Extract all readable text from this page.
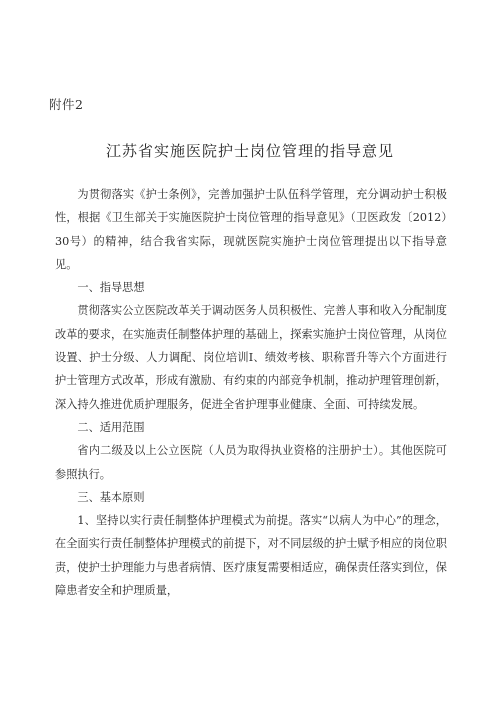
附件2
江苏省实施医院护士岗位管理的指导意见

为贯彻落实《护士条例》，完善加强护士队伍科学管理，充分调动护士积极性，根据《卫生部关于实施医院护士岗位管理的指导意见》（卫医政发〔2012）30号）的精神，结合我省实际，现就医院实施护士岗位管理提出以下指导意见。

一、指导思想

贯彻落实公立医院改革关于调动医务人员积极性、完善人事和收入分配制度改革的要求，在实施责任制整体护理的基础上，探索实施护士岗位管理，从岗位设置、护士分级、人力调配、岗位培训I、绩效考核、职称晋升等六个方面进行护士管理方式改革，形成有激励、有约束的内部竞争机制，推动护理管理创新，深入持久推进优质护理服务，促进全省护理事业健康、全面、可持续发展。

二、适用范围

省内二级及以上公立医院（人员为取得执业资格的注册护士）。其他医院可参照执行。

三、基本原则

1、坚持以实行责任制整体护理模式为前提。落实“以病人为中心”的理念，在全面实行责任制整体护理模式的前提下，对不同层级的护士赋予相应的岗位职责，使护士护理能力与患者病情、医疗康复需要相适应，确保责任落实到位，保障患者安全和护理质量，
